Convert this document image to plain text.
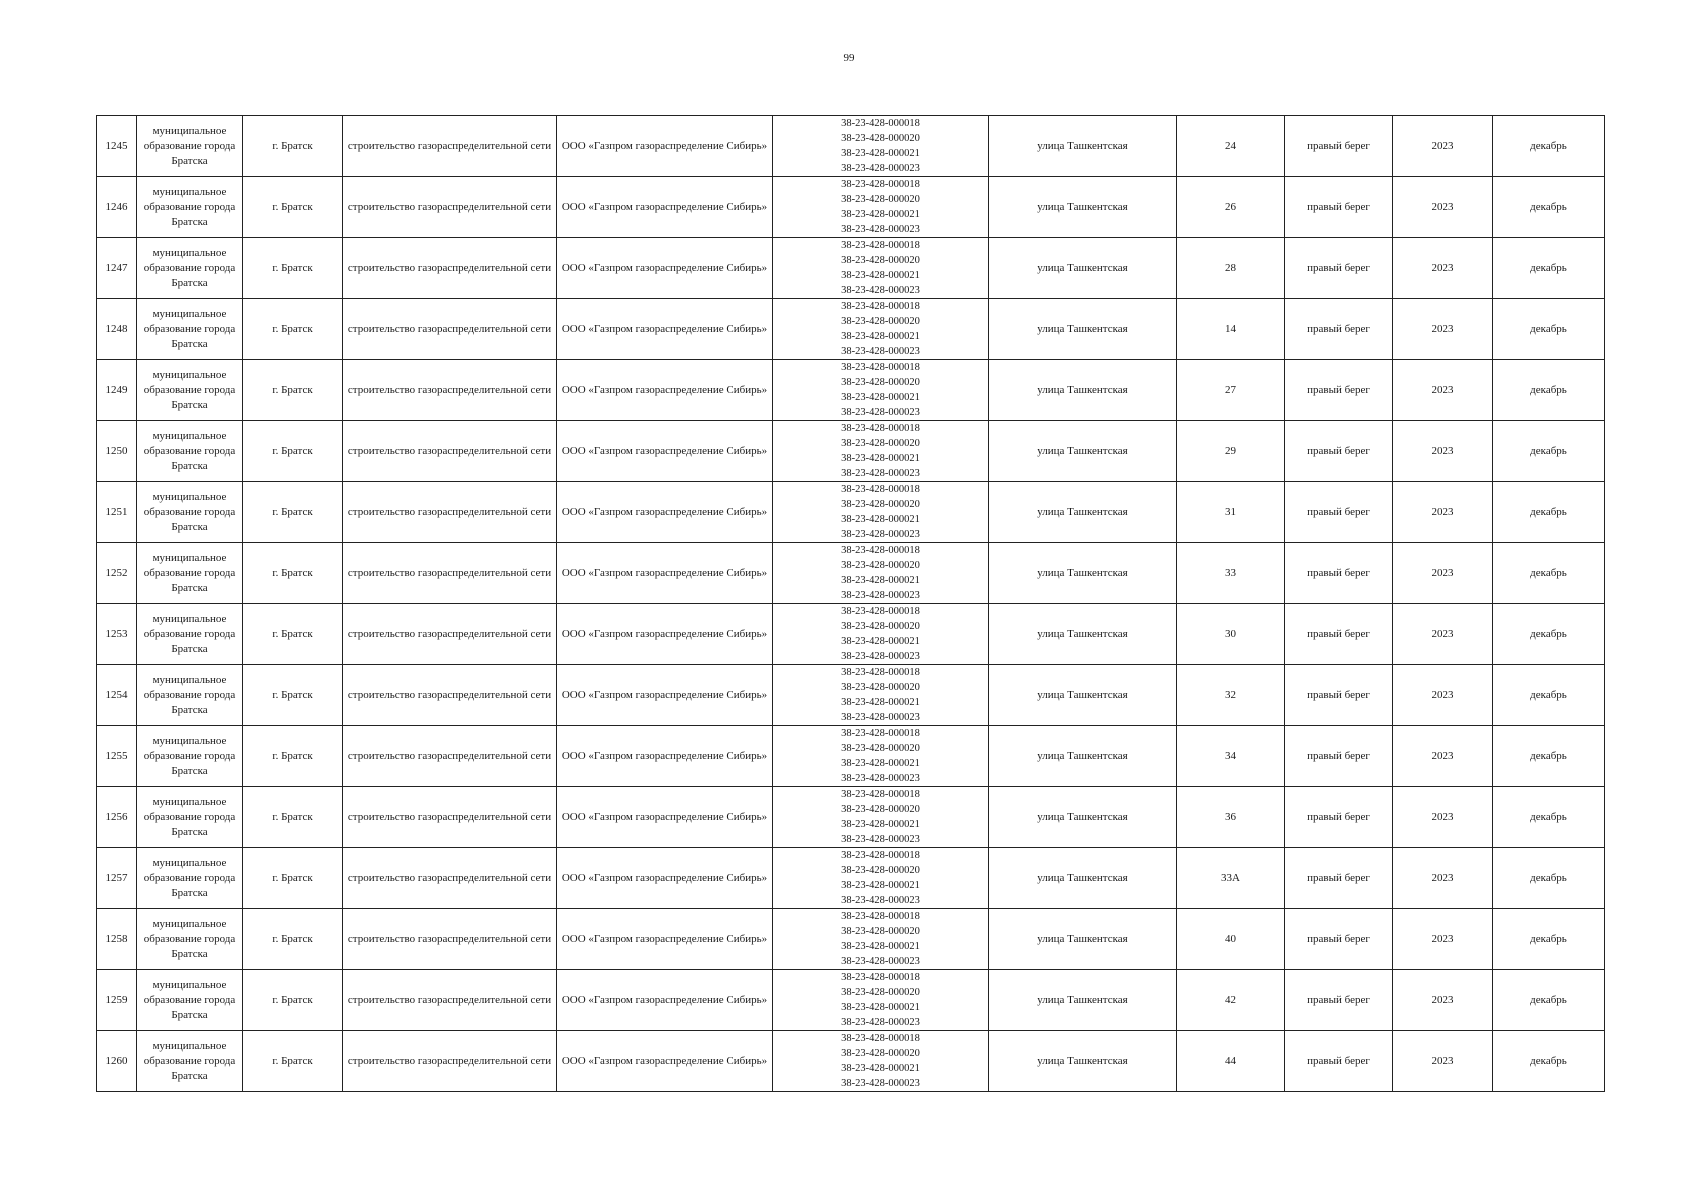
99
1245	муниципальное образование города Братска	г. Братск	строительство газораспределительной сети	ООО «Газпром газораспределение Сибирь»	38-23-428-000018
38-23-428-000020
38-23-428-000021
38-23-428-000023	улица Ташкентская	24	правый берег	2023	декабрь
1246	муниципальное образование города Братска	г. Братск	строительство газораспределительной сети	ООО «Газпром газораспределение Сибирь»	38-23-428-000018
38-23-428-000020
38-23-428-000021
38-23-428-000023	улица Ташкентская	26	правый берег	2023	декабрь
1247	муниципальное образование города Братска	г. Братск	строительство газораспределительной сети	ООО «Газпром газораспределение Сибирь»	38-23-428-000018
38-23-428-000020
38-23-428-000021
38-23-428-000023	улица Ташкентская	28	правый берег	2023	декабрь
1248	муниципальное образование города Братска	г. Братск	строительство газораспределительной сети	ООО «Газпром газораспределение Сибирь»	38-23-428-000018
38-23-428-000020
38-23-428-000021
38-23-428-000023	улица Ташкентская	14	правый берег	2023	декабрь
1249	муниципальное образование города Братска	г. Братск	строительство газораспределительной сети	ООО «Газпром газораспределение Сибирь»	38-23-428-000018
38-23-428-000020
38-23-428-000021
38-23-428-000023	улица Ташкентская	27	правый берег	2023	декабрь
1250	муниципальное образование города Братска	г. Братск	строительство газораспределительной сети	ООО «Газпром газораспределение Сибирь»	38-23-428-000018
38-23-428-000020
38-23-428-000021
38-23-428-000023	улица Ташкентская	29	правый берег	2023	декабрь
1251	муниципальное образование города Братска	г. Братск	строительство газораспределительной сети	ООО «Газпром газораспределение Сибирь»	38-23-428-000018
38-23-428-000020
38-23-428-000021
38-23-428-000023	улица Ташкентская	31	правый берег	2023	декабрь
1252	муниципальное образование города Братска	г. Братск	строительство газораспределительной сети	ООО «Газпром газораспределение Сибирь»	38-23-428-000018
38-23-428-000020
38-23-428-000021
38-23-428-000023	улица Ташкентская	33	правый берег	2023	декабрь
1253	муниципальное образование города Братска	г. Братск	строительство газораспределительной сети	ООО «Газпром газораспределение Сибирь»	38-23-428-000018
38-23-428-000020
38-23-428-000021
38-23-428-000023	улица Ташкентская	30	правый берег	2023	декабрь
1254	муниципальное образование города Братска	г. Братск	строительство газораспределительной сети	ООО «Газпром газораспределение Сибирь»	38-23-428-000018
38-23-428-000020
38-23-428-000021
38-23-428-000023	улица Ташкентская	32	правый берег	2023	декабрь
1255	муниципальное образование города Братска	г. Братск	строительство газораспределительной сети	ООО «Газпром газораспределение Сибирь»	38-23-428-000018
38-23-428-000020
38-23-428-000021
38-23-428-000023	улица Ташкентская	34	правый берег	2023	декабрь
1256	муниципальное образование города Братска	г. Братск	строительство газораспределительной сети	ООО «Газпром газораспределение Сибирь»	38-23-428-000018
38-23-428-000020
38-23-428-000021
38-23-428-000023	улица Ташкентская	36	правый берег	2023	декабрь
1257	муниципальное образование города Братска	г. Братск	строительство газораспределительной сети	ООО «Газпром газораспределение Сибирь»	38-23-428-000018
38-23-428-000020
38-23-428-000021
38-23-428-000023	улица Ташкентская	33А	правый берег	2023	декабрь
1258	муниципальное образование города Братска	г. Братск	строительство газораспределительной сети	ООО «Газпром газораспределение Сибирь»	38-23-428-000018
38-23-428-000020
38-23-428-000021
38-23-428-000023	улица Ташкентская	40	правый берег	2023	декабрь
1259	муниципальное образование города Братска	г. Братск	строительство газораспределительной сети	ООО «Газпром газораспределение Сибирь»	38-23-428-000018
38-23-428-000020
38-23-428-000021
38-23-428-000023	улица Ташкентская	42	правый берег	2023	декабрь
1260	муниципальное образование города Братска	г. Братск	строительство газораспределительной сети	ООО «Газпром газораспределение Сибирь»	38-23-428-000018
38-23-428-000020
38-23-428-000021
38-23-428-000023	улица Ташкентская	44	правый берег	2023	декабрь
